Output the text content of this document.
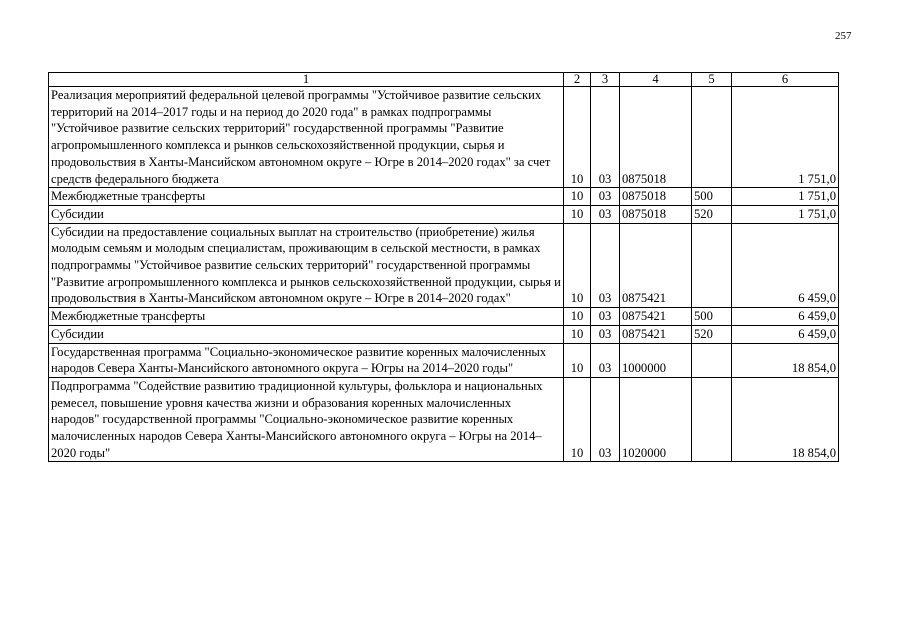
257
1	2	3	4	5	6
Реализация мероприятий федеральной целевой программы "Устойчивое развитие сельских территорий на 2014–2017 годы и на период до 2020 года" в рамках подпрограммы "Устойчивое развитие сельских территорий" государственной программы "Развитие агропромышленного комплекса и рынков сельскохозяйственной продукции, сырья и продовольствия в Ханты-Мансийском автономном округе – Югре в 2014–2020 годах" за счет средств федерального бюджета	10	03	0875018		1 751,0
Межбюджетные трансферты	10	03	0875018	500	1 751,0
Субсидии	10	03	0875018	520	1 751,0
Субсидии на предоставление социальных выплат на строительство (приобретение) жилья молодым семьям и молодым специалистам, проживающим в сельской местности, в рамках подпрограммы "Устойчивое развитие сельских территорий" государственной программы "Развитие агропромышленного комплекса и рынков сельскохозяйственной продукции, сырья и продовольствия в Ханты-Мансийском автономном округе – Югре в 2014–2020 годах"	10	03	0875421		6 459,0
Межбюджетные трансферты	10	03	0875421	500	6 459,0
Субсидии	10	03	0875421	520	6 459,0
Государственная программа "Социально-экономическое развитие коренных малочисленных народов Севера Ханты-Мансийского автономного округа – Югры на 2014–2020 годы"	10	03	1000000		18 854,0
Подпрограмма "Содействие развитию традиционной культуры, фольклора и национальных ремесел, повышение уровня качества жизни и образования коренных малочисленных народов" государственной программы "Социально-экономическое развитие коренных малочисленных народов Севера Ханты-Мансийского автономного округа – Югры на 2014–2020 годы"	10	03	1020000		18 854,0
